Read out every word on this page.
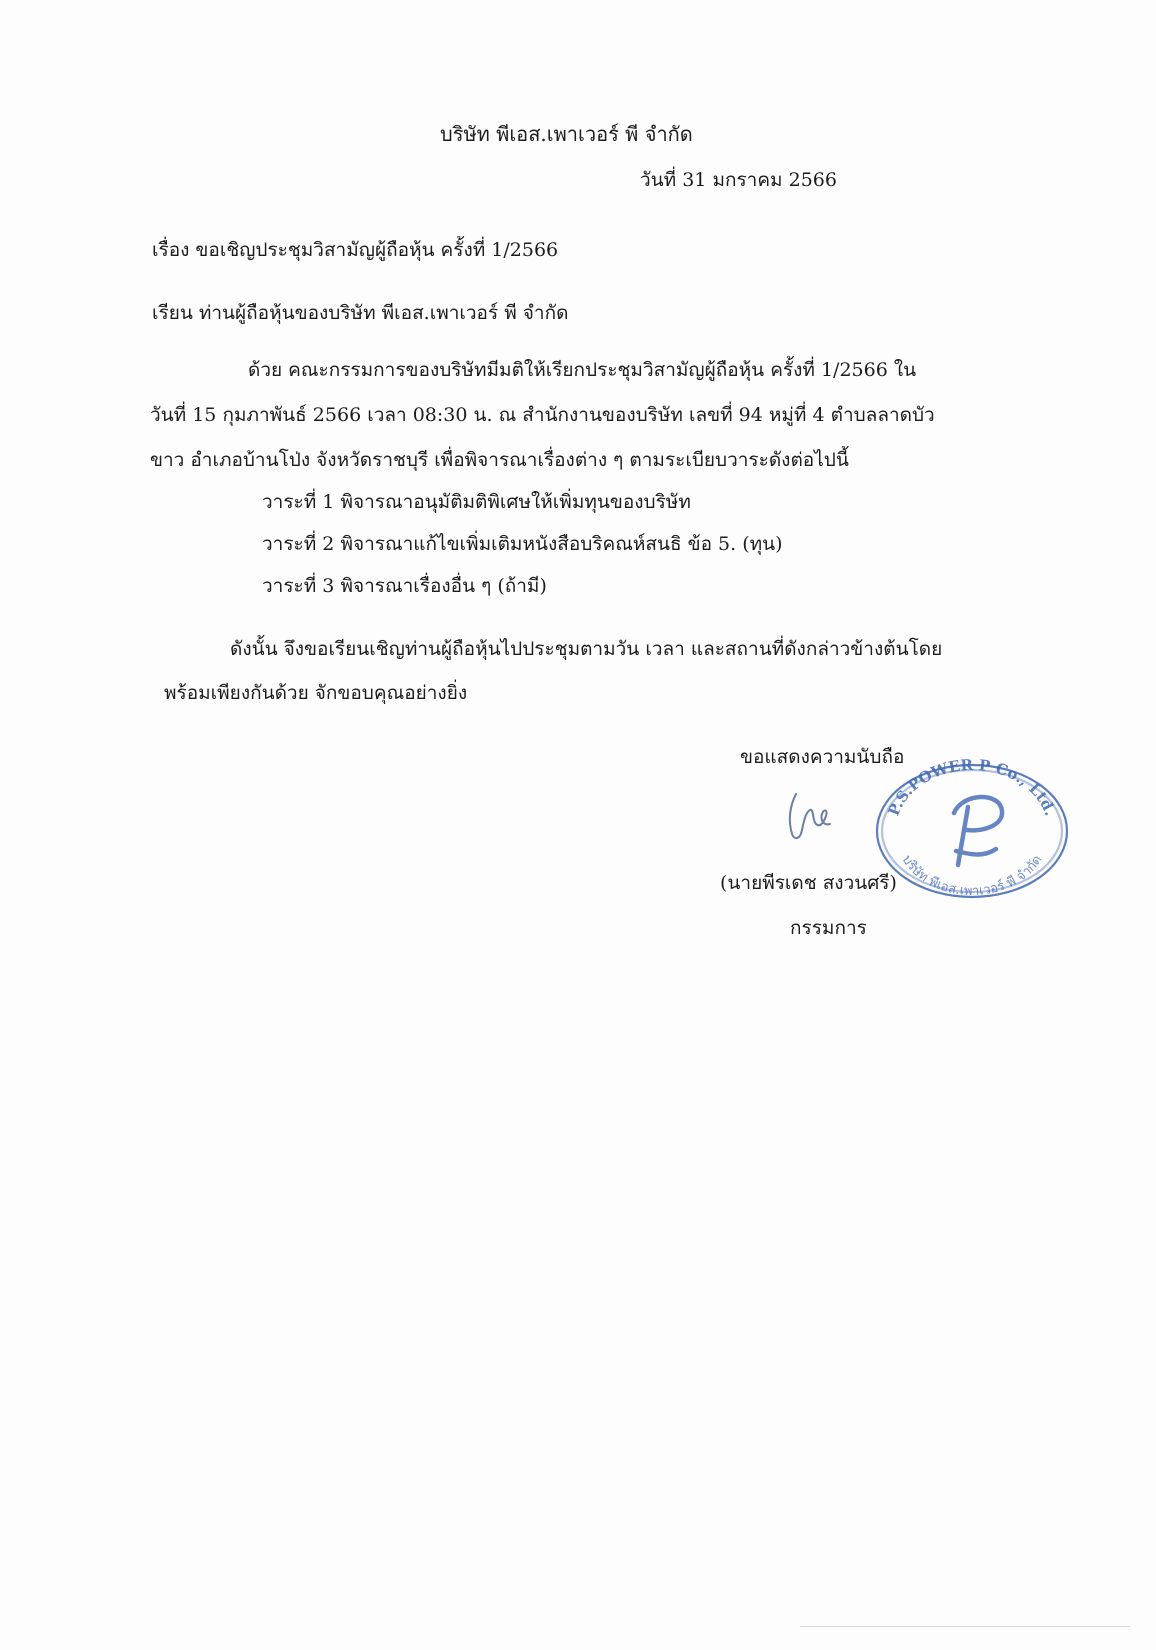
บริษัท พีเอส.เพาเวอร์ พี จำกัด
วันที่ 31 มกราคม 2566
เรื่อง ขอเชิญประชุมวิสามัญผู้ถือหุ้น ครั้งที่ 1/2566
เรียน ท่านผู้ถือหุ้นของบริษัท พีเอส.เพาเวอร์ พี จำกัด
ด้วย คณะกรรมการของบริษัทมีมติให้เรียกประชุมวิสามัญผู้ถือหุ้น ครั้งที่ 1/2566 ใน
วันที่ 15 กุมภาพันธ์ 2566 เวลา 08:30 น. ณ สำนักงานของบริษัท เลขที่ 94 หมู่ที่ 4 ตำบลลาดบัว
ขาว อำเภอบ้านโป่ง จังหวัดราชบุรี เพื่อพิจารณาเรื่องต่าง ๆ ตามระเบียบวาระดังต่อไปนี้
วาระที่ 1 พิจารณาอนุมัติมติพิเศษให้เพิ่มทุนของบริษัท
วาระที่ 2 พิจารณาแก้ไขเพิ่มเติมหนังสือบริคณห์สนธิ ข้อ 5. (ทุน)
วาระที่ 3 พิจารณาเรื่องอื่น ๆ (ถ้ามี)
ดังนั้น จึงขอเรียนเชิญท่านผู้ถือหุ้นไปประชุมตามวัน เวลา และสถานที่ดังกล่าวข้างต้นโดย
พร้อมเพียงกันด้วย จักขอบคุณอย่างยิ่ง
ขอแสดงความนับถือ
P.S.POWER P Co., Ltd.
บริษัท พีเอส.เพาเวอร์ พี จำกัด
(นายพีรเดช สงวนศรี)
กรรมการ
